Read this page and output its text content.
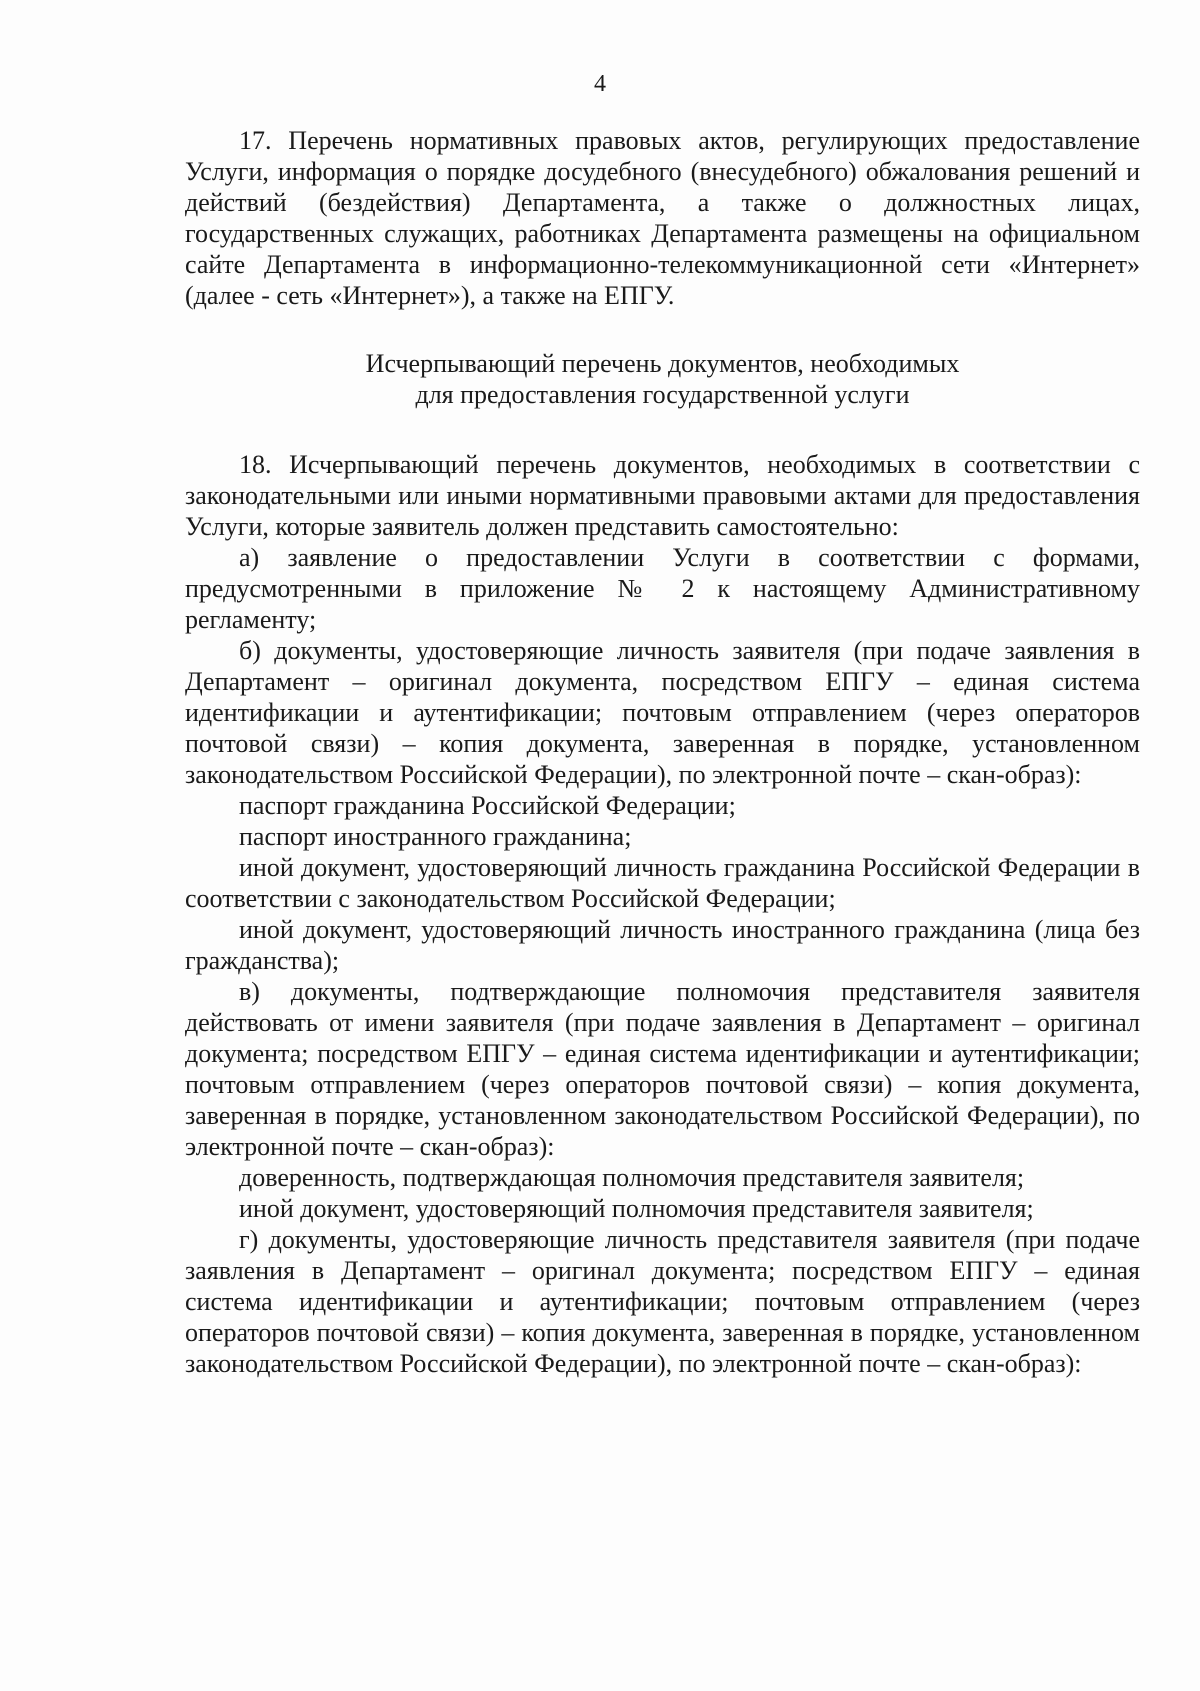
4

17. Перечень нормативных правовых актов, регулирующих предоставление Услуги, информация о порядке досудебного (внесудебного) обжалования решений и действий (бездействия) Департамента, а также о должностных лицах, государственных служащих, работниках Департамента размещены на официальном сайте Департамента в информационно-телекоммуникационной сети «Интернет» (далее - сеть «Интернет»), а также на ЕПГУ.

Исчерпывающий перечень документов, необходимых
для предоставления государственной услуги

18. Исчерпывающий перечень документов, необходимых в соответствии с законодательными или иными нормативными правовыми актами для предоставления Услуги, которые заявитель должен представить самостоятельно:

а) заявление о предоставлении Услуги в соответствии с формами, предусмотренными в приложение № 2 к настоящему Административному регламенту;

б) документы, удостоверяющие личность заявителя (при подаче заявления в Департамент – оригинал документа, посредством ЕПГУ – единая система идентификации и аутентификации; почтовым отправлением (через операторов почтовой связи) – копия документа, заверенная в порядке, установленном законодательством Российской Федерации), по электронной почте – скан-образ):

паспорт гражданина Российской Федерации;

паспорт иностранного гражданина;

иной документ, удостоверяющий личность гражданина Российской Федерации в соответствии с законодательством Российской Федерации;

иной документ, удостоверяющий личность иностранного гражданина (лица без гражданства);

в) документы, подтверждающие полномочия представителя заявителя действовать от имени заявителя (при подаче заявления в Департамент – оригинал документа; посредством ЕПГУ – единая система идентификации и аутентификации; почтовым отправлением (через операторов почтовой связи) – копия документа, заверенная в порядке, установленном законодательством Российской Федерации), по электронной почте – скан-образ):

доверенность, подтверждающая полномочия представителя заявителя;

иной документ, удостоверяющий полномочия представителя заявителя;

г) документы, удостоверяющие личность представителя заявителя (при подаче заявления в Департамент – оригинал документа; посредством ЕПГУ – единая система идентификации и аутентификации; почтовым отправлением (через операторов почтовой связи) – копия документа, заверенная в порядке, установленном законодательством Российской Федерации), по электронной почте – скан-образ):
